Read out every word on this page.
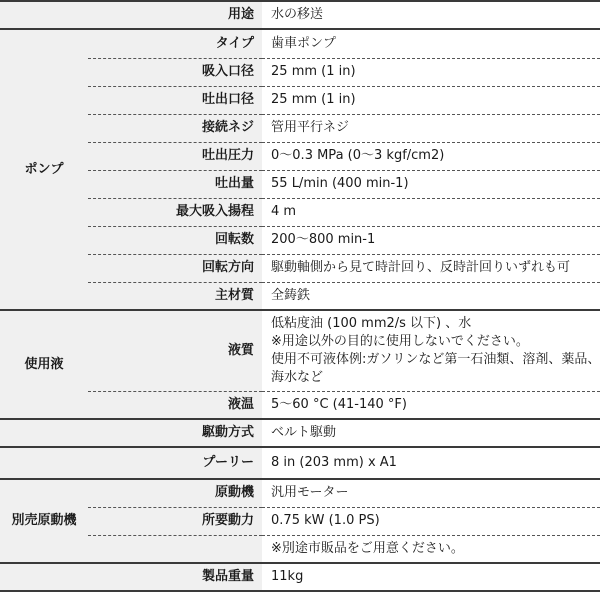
用途		水の移送
ポンプ	タイプ	歯車ポンプ
	吸入口径	25 mm (1 in)
	吐出口径	25 mm (1 in)
	接続ネジ	管用平行ネジ
	吐出圧力	0～0.3 MPa (0～3 kgf/cm2)
	吐出量	55 L/min (400 min-1)
	最大吸入揚程	4 m
	回転数	200～800 min-1
	回転方向	駆動軸側から見て時計回り、反時計回りいずれも可
	主材質	全鋳鉄
使用液	液質	低粘度油 (100 mm2/s 以下) 、水
※用途以外の目的に使用しないでください。
使用不可液体例:ガソリンなど第一石油類、溶剤、薬品、
海水など

	液温	5～60 °C (41-140 °F)
駆動方式		ベルト駆動
プーリー		8 in (203 mm) x A1
別売原動機	原動機	汎用モーター
	所要動力	0.75 kW (1.0 PS)
		※別途市販品をご用意ください。
製品重量		11kg
